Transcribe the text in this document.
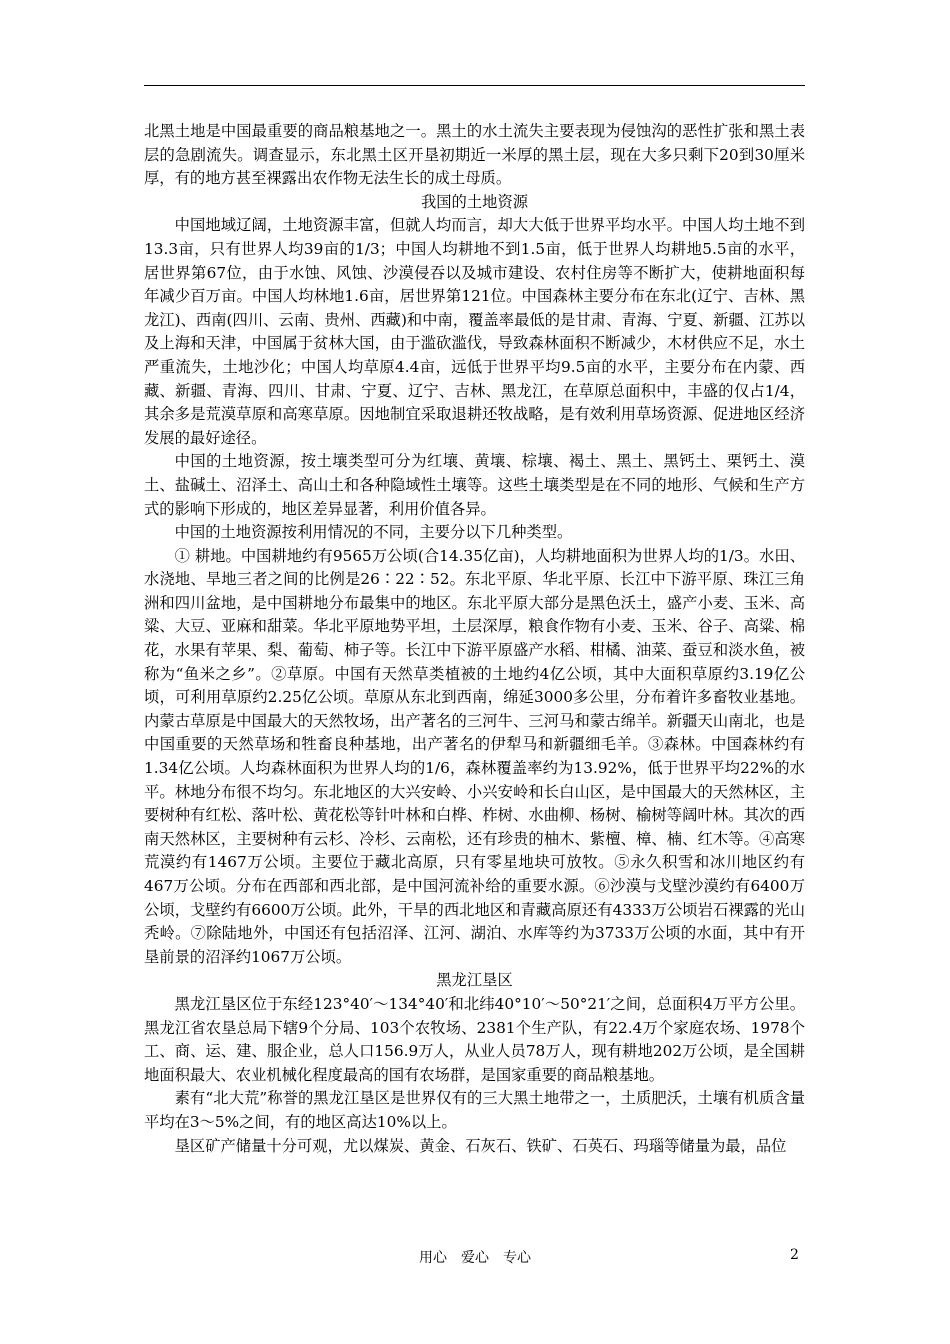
北黑土地是中国最重要的商品粮基地之一。黑土的水土流失主要表现为侵蚀沟的恶性扩张和黑土表层的急剧流失。调查显示，东北黑土区开垦初期近一米厚的黑土层，现在大多只剩下20到30厘米厚，有的地方甚至裸露出农作物无法生长的成土母质。

我国的土地资源

中国地域辽阔，土地资源丰富，但就人均而言，却大大低于世界平均水平。中国人均土地不到13.3亩，只有世界人均39亩的1/3；中国人均耕地不到1.5亩，低于世界人均耕地5.5亩的水平，居世界第67位，由于水蚀、风蚀、沙漠侵吞以及城市建设、农村住房等不断扩大，使耕地面积每年减少百万亩。中国人均林地1.6亩，居世界第121位。中国森林主要分布在东北(辽宁、吉林、黑龙江)、西南(四川、云南、贵州、西藏)和中南，覆盖率最低的是甘肃、青海、宁夏、新疆、江苏以及上海和天津，中国属于贫林大国，由于滥砍滥伐，导致森林面积不断减少，木材供应不足，水土严重流失，土地沙化；中国人均草原4.4亩，远低于世界平均9.5亩的水平，主要分布在内蒙、西藏、新疆、青海、四川、甘肃、宁夏、辽宁、吉林、黑龙江，在草原总面积中，丰盛的仅占1/4，其余多是荒漠草原和高寒草原。因地制宜采取退耕还牧战略，是有效利用草场资源、促进地区经济发展的最好途径。

中国的土地资源，按土壤类型可分为红壤、黄壤、棕壤、褐土、黑土、黑钙土、栗钙土、漠土、盐碱土、沼泽土、高山土和各种隐域性土壤等。这些土壤类型是在不同的地形、气候和生产方式的影响下形成的，地区差异显著，利用价值各异。

中国的土地资源按利用情况的不同，主要分以下几种类型。

① 耕地。中国耕地约有9565万公顷(合14.35亿亩)，人均耕地面积为世界人均的1/3。水田、水浇地、旱地三者之间的比例是26∶22∶52。东北平原、华北平原、长江中下游平原、珠江三角洲和四川盆地，是中国耕地分布最集中的地区。东北平原大部分是黑色沃土，盛产小麦、玉米、高粱、大豆、亚麻和甜菜。华北平原地势平坦，土层深厚，粮食作物有小麦、玉米、谷子、高粱、棉花，水果有苹果、梨、葡萄、柿子等。长江中下游平原盛产水稻、柑橘、油菜、蚕豆和淡水鱼，被称为“鱼米之乡”。②草原。中国有天然草类植被的土地约4亿公顷，其中大面积草原约3.19亿公顷，可利用草原约2.25亿公顷。草原从东北到西南，绵延3000多公里，分布着许多畜牧业基地。内蒙古草原是中国最大的天然牧场，出产著名的三河牛、三河马和蒙古绵羊。新疆天山南北，也是中国重要的天然草场和牲畜良种基地，出产著名的伊犁马和新疆细毛羊。③森林。中国森林约有1.34亿公顷。人均森林面积为世界人均的1/6，森林覆盖率约为13.92%，低于世界平均22%的水平。林地分布很不均匀。东北地区的大兴安岭、小兴安岭和长白山区，是中国最大的天然林区，主要树种有红松、落叶松、黄花松等针叶林和白桦、柞树、水曲柳、杨树、榆树等阔叶林。其次的西南天然林区，主要树种有云杉、冷杉、云南松，还有珍贵的柚木、紫檀、樟、楠、红木等。④高寒荒漠约有1467万公顷。主要位于藏北高原，只有零星地块可放牧。⑤永久积雪和冰川地区约有467万公顷。分布在西部和西北部，是中国河流补给的重要水源。⑥沙漠与戈壁沙漠约有6400万公顷，戈壁约有6600万公顷。此外，干旱的西北地区和青藏高原还有4333万公顷岩石裸露的光山秃岭。⑦除陆地外，中国还有包括沼泽、江河、湖泊、水库等约为3733万公顷的水面，其中有开垦前景的沼泽约1067万公顷。

黑龙江垦区

黑龙江垦区位于东经123°40′～134°40′和北纬40°10′～50°21′之间，总面积4万平方公里。黑龙江省农垦总局下辖9个分局、103个农牧场、2381个生产队，有22.4万个家庭农场、1978个工、商、运、建、服企业，总人口156.9万人，从业人员78万人，现有耕地202万公顷，是全国耕地面积最大、农业机械化程度最高的国有农场群，是国家重要的商品粮基地。

素有“北大荒”称誉的黑龙江垦区是世界仅有的三大黑土地带之一，土质肥沃，土壤有机质含量平均在3～5%之间，有的地区高达10%以上。

垦区矿产储量十分可观，尤以煤炭、黄金、石灰石、铁矿、石英石、玛瑙等储量为最，品位

用心　爱心　专心	2
